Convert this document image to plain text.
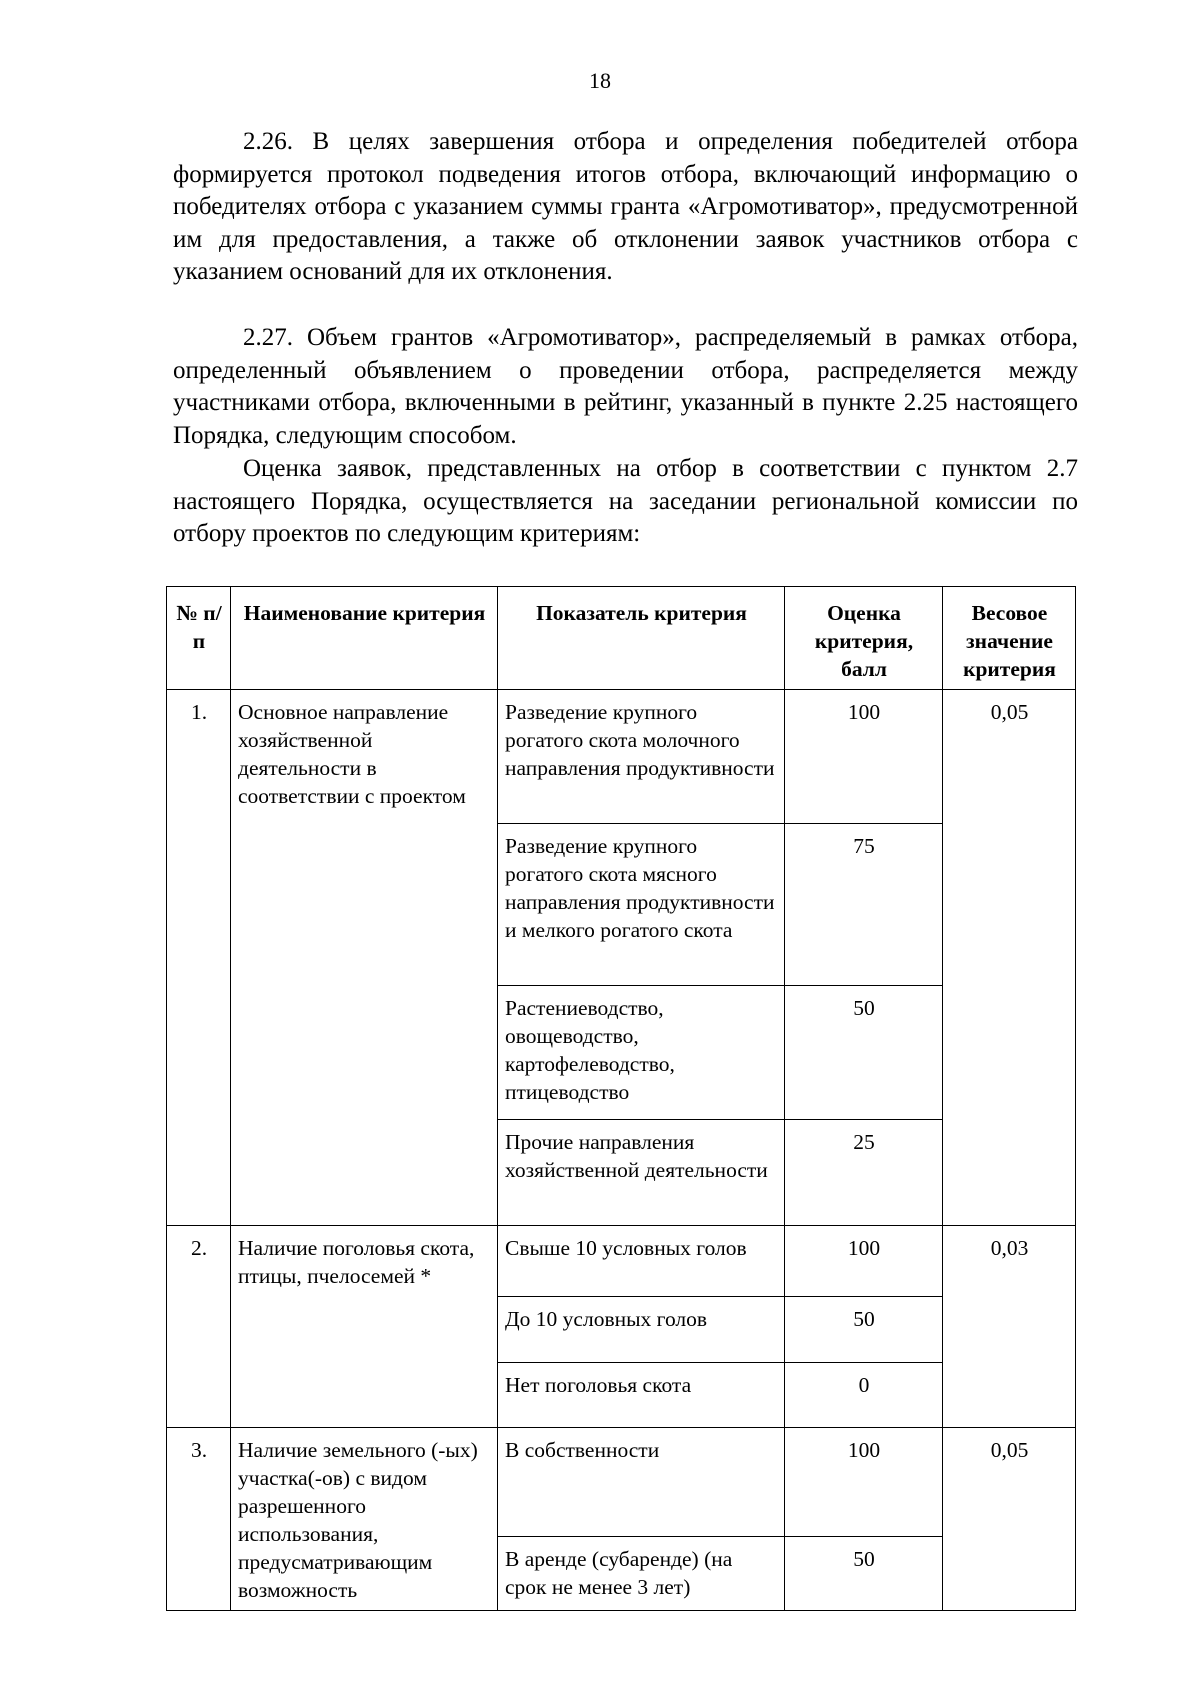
18

2.26. В целях завершения отбора и определения победителей отбора формируется протокол подведения итогов отбора, включающий информацию о победителях отбора с указанием суммы гранта «Агромотиватор», предусмотренной им для предоставления, а также об отклонении заявок участников отбора с указанием оснований для их отклонения.

2.27. Объем грантов «Агромотиватор», распределяемый в рамках отбора, определенный объявлением о проведении отбора, распределяется между участниками отбора, включенными в рейтинг, указанный в пункте 2.25 настоящего Порядка, следующим способом.

Оценка заявок, представленных на отбор в соответствии с пунктом 2.7 настоящего Порядка, осуществляется на заседании региональной комиссии по отбору проектов по следующим критериям:

№ п/п	Наименование критерия	Показатель критерия	Оценка критерия, балл	Весовое значение критерия
1.	Основное направление хозяйственной деятельности в соответствии с проектом	Разведение крупного рогатого скота молочного направления продуктивности	100	0,05
		Разведение крупного рогатого скота мясного направления продуктивности и мелкого рогатого скота	75	
		Растениеводство, овощеводство, картофелеводство, птицеводство	50	
		Прочие направления хозяйственной деятельности	25	
2.	Наличие поголовья скота, птицы, пчелосемей *	Свыше 10 условных голов	100	0,03
		До 10 условных голов	50	
		Нет поголовья скота	0	
3.	Наличие земельного (-ых) участка(-ов) с видом разрешенного использования, предусматривающим возможность	В собственности	100	0,05
		В аренде (субаренде) (на срок не менее 3 лет)	50	
